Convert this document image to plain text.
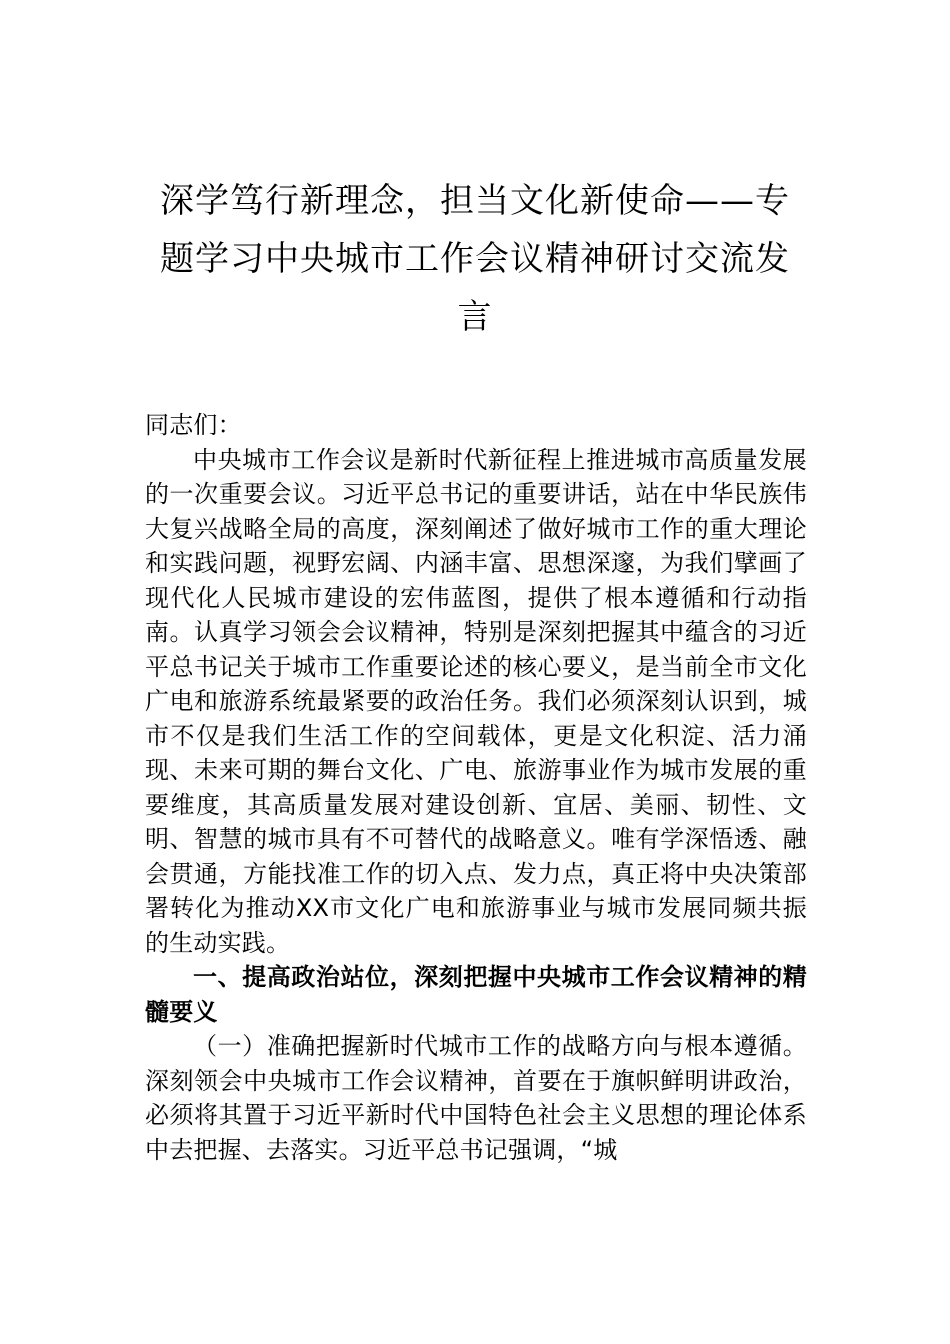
深学笃行新理念，担当文化新使命——专题学习中央城市工作会议精神研讨交流发言

同志们：

中央城市工作会议是新时代新征程上推进城市高质量发展的一次重要会议。习近平总书记的重要讲话，站在中华民族伟大复兴战略全局的高度，深刻阐述了做好城市工作的重大理论和实践问题，视野宏阔、内涵丰富、思想深邃，为我们擘画了现代化人民城市建设的宏伟蓝图，提供了根本遵循和行动指南。认真学习领会会议精神，特别是深刻把握其中蕴含的习近平总书记关于城市工作重要论述的核心要义，是当前全市文化广电和旅游系统最紧要的政治任务。我们必须深刻认识到，城市不仅是我们生活工作的空间载体，更是文化积淀、活力涌现、未来可期的舞台文化、广电、旅游事业作为城市发展的重要维度，其高质量发展对建设创新、宜居、美丽、韧性、文明、智慧的城市具有不可替代的战略意义。唯有学深悟透、融会贯通，方能找准工作的切入点、发力点，真正将中央决策部署转化为推动XX市文化广电和旅游事业与城市发展同频共振的生动实践。

一、提高政治站位，深刻把握中央城市工作会议精神的精髓要义

（一）准确把握新时代城市工作的战略方向与根本遵循。深刻领会中央城市工作会议精神，首要在于旗帜鲜明讲政治，必须将其置于习近平新时代中国特色社会主义思想的理论体系中去把握、去落实。习近平总书记强调，“城
